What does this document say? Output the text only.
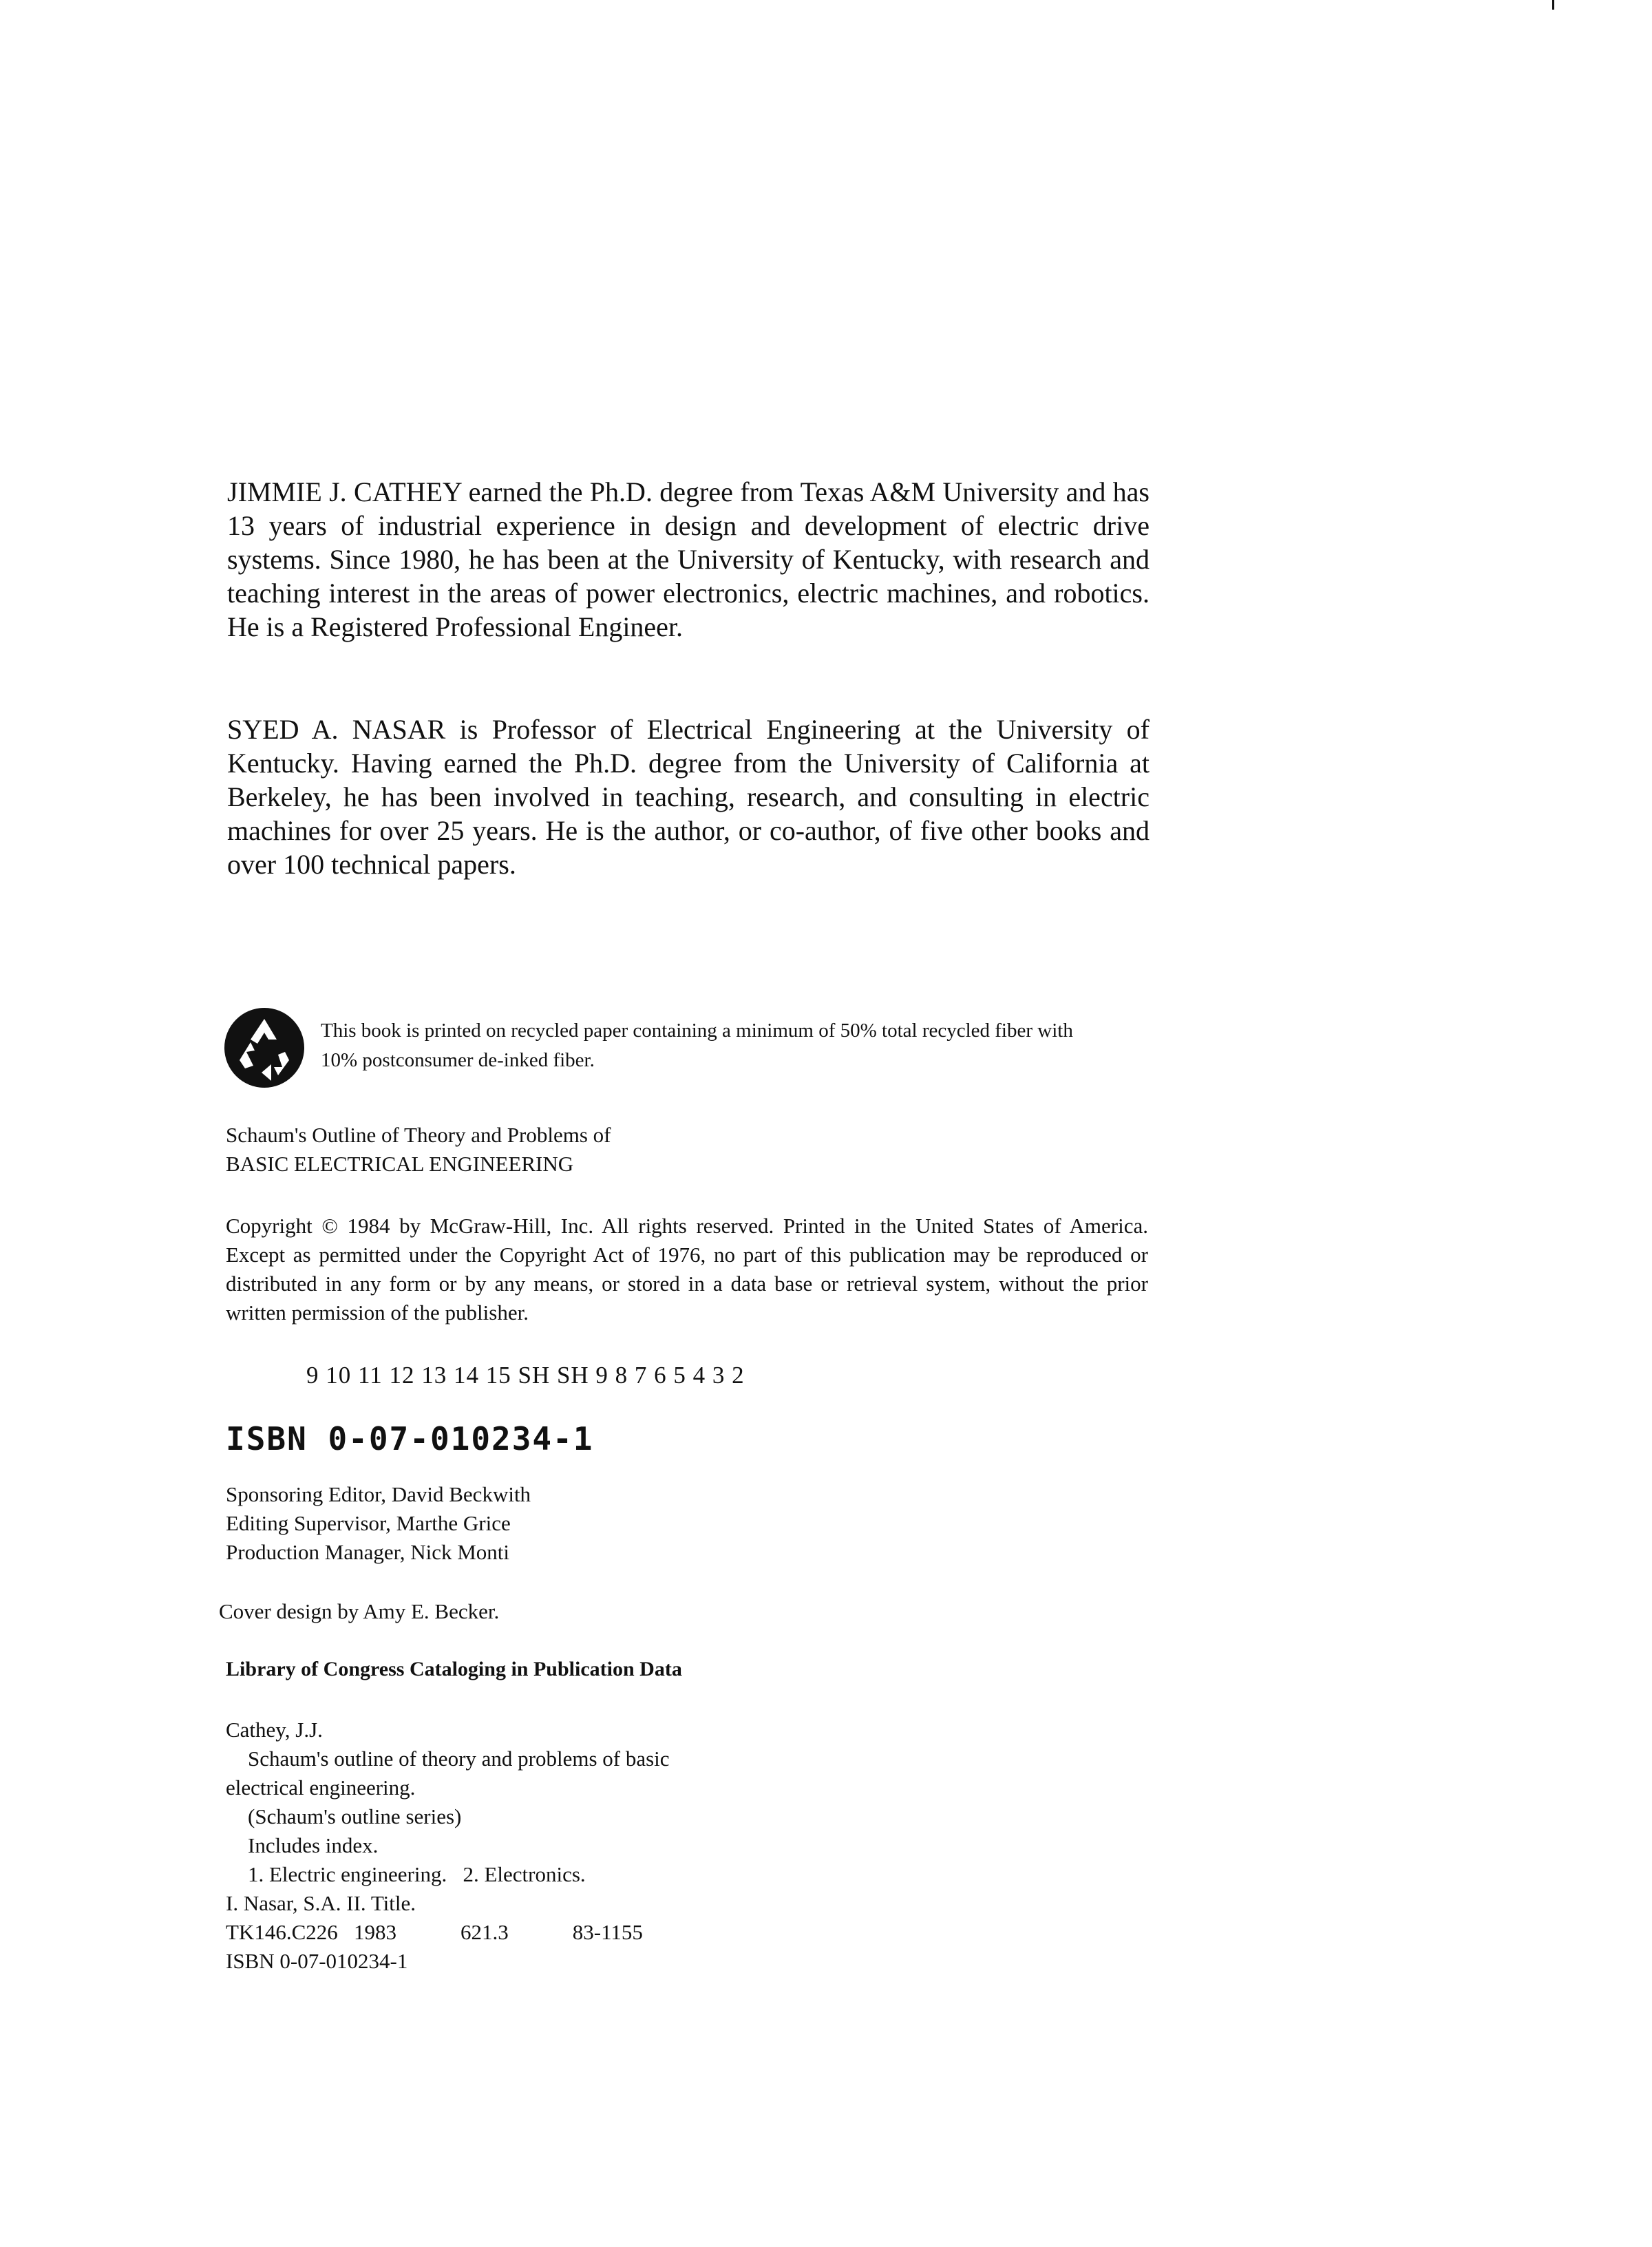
JIMMIE J. CATHEY earned the Ph.D. degree from Texas A&M University and has 13 years of industrial experience in design and development of electric drive systems. Since 1980, he has been at the University of Kentucky, with research and teaching interest in the areas of power electronics, electric machines, and robotics. He is a Registered Professional Engineer.

SYED A. NASAR is Professor of Electrical Engineering at the University of Kentucky. Having earned the Ph.D. degree from the University of California at Berkeley, he has been involved in teaching, research, and consulting in electric machines for over 25 years. He is the author, or co-author, of five other books and over 100 technical papers.

This book is printed on recycled paper containing a minimum of 50% total recycled fiber with
10% postconsumer de-inked fiber.

Schaum's Outline of Theory and Problems of

BASIC ELECTRICAL ENGINEERING

Copyright © 1984 by McGraw-Hill, Inc. All rights reserved. Printed in the United States of America. Except as permitted under the Copyright Act of 1976, no part of this publication may be reproduced or distributed in any form or by any means, or stored in a data base or retrieval system, without the prior written permission of the publisher.
9 10 11 12 13 14 15 SH SH 9 8 7 6 5 4 3 2
ISBN 0-07-010234-1

Sponsoring Editor, David Beckwith

Editing Supervisor, Marthe Grice

Production Manager, Nick Monti

Cover design by Amy E. Becker.
Library of Congress Cataloging in Publication Data

Cathey, J.J.

Schaum's outline of theory and problems of basic

electrical engineering.

(Schaum's outline series)

Includes index.

1. Electric engineering.   2. Electronics.

I. Nasar, S.A. II. Title.

TK146.C226 1983	621.3	83-1155

ISBN 0-07-010234-1
